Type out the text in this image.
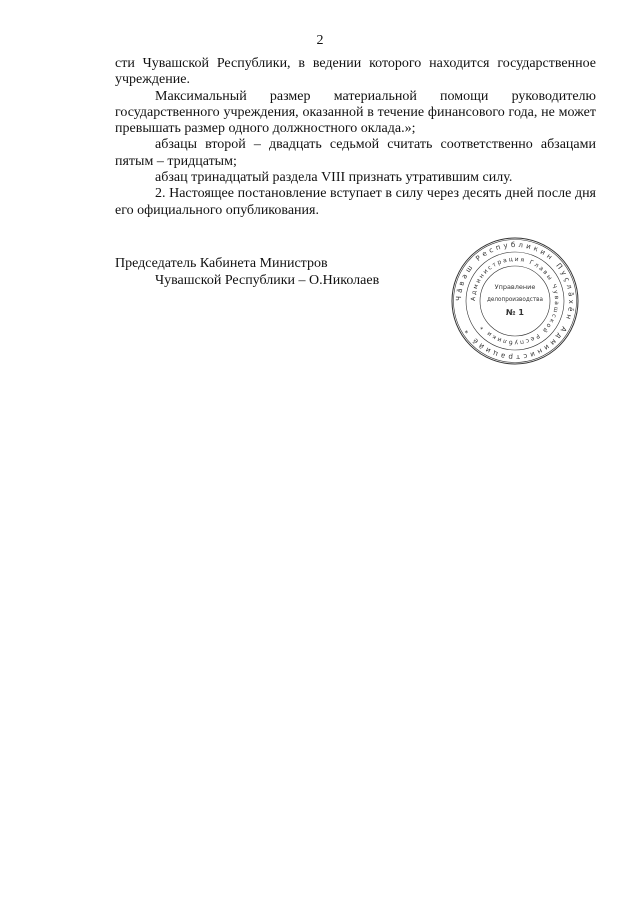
2

сти Чувашской Республики, в ведении которого находится государственное учреждение.

Максимальный размер материальной помощи руководителю государственного учреждения, оказанной в течение финансового года, не может превышать размер одного должностного оклада.»;

абзацы второй – двадцать седьмой считать соответственно абзацами пятым – тридцатым;

абзац тринадцатый раздела VIII признать утратившим силу.

2. Настоящее постановление вступает в силу через десять дней после дня его официального опубликования.

Председатель Кабинета Министров
Чувашской Республики – О.Николаев
Чăваш Республикин Пуçлăхĕн Администрацийĕ *
Администрация Главы Чувашской Республики *
Управление
делопроизводства
№ 1
